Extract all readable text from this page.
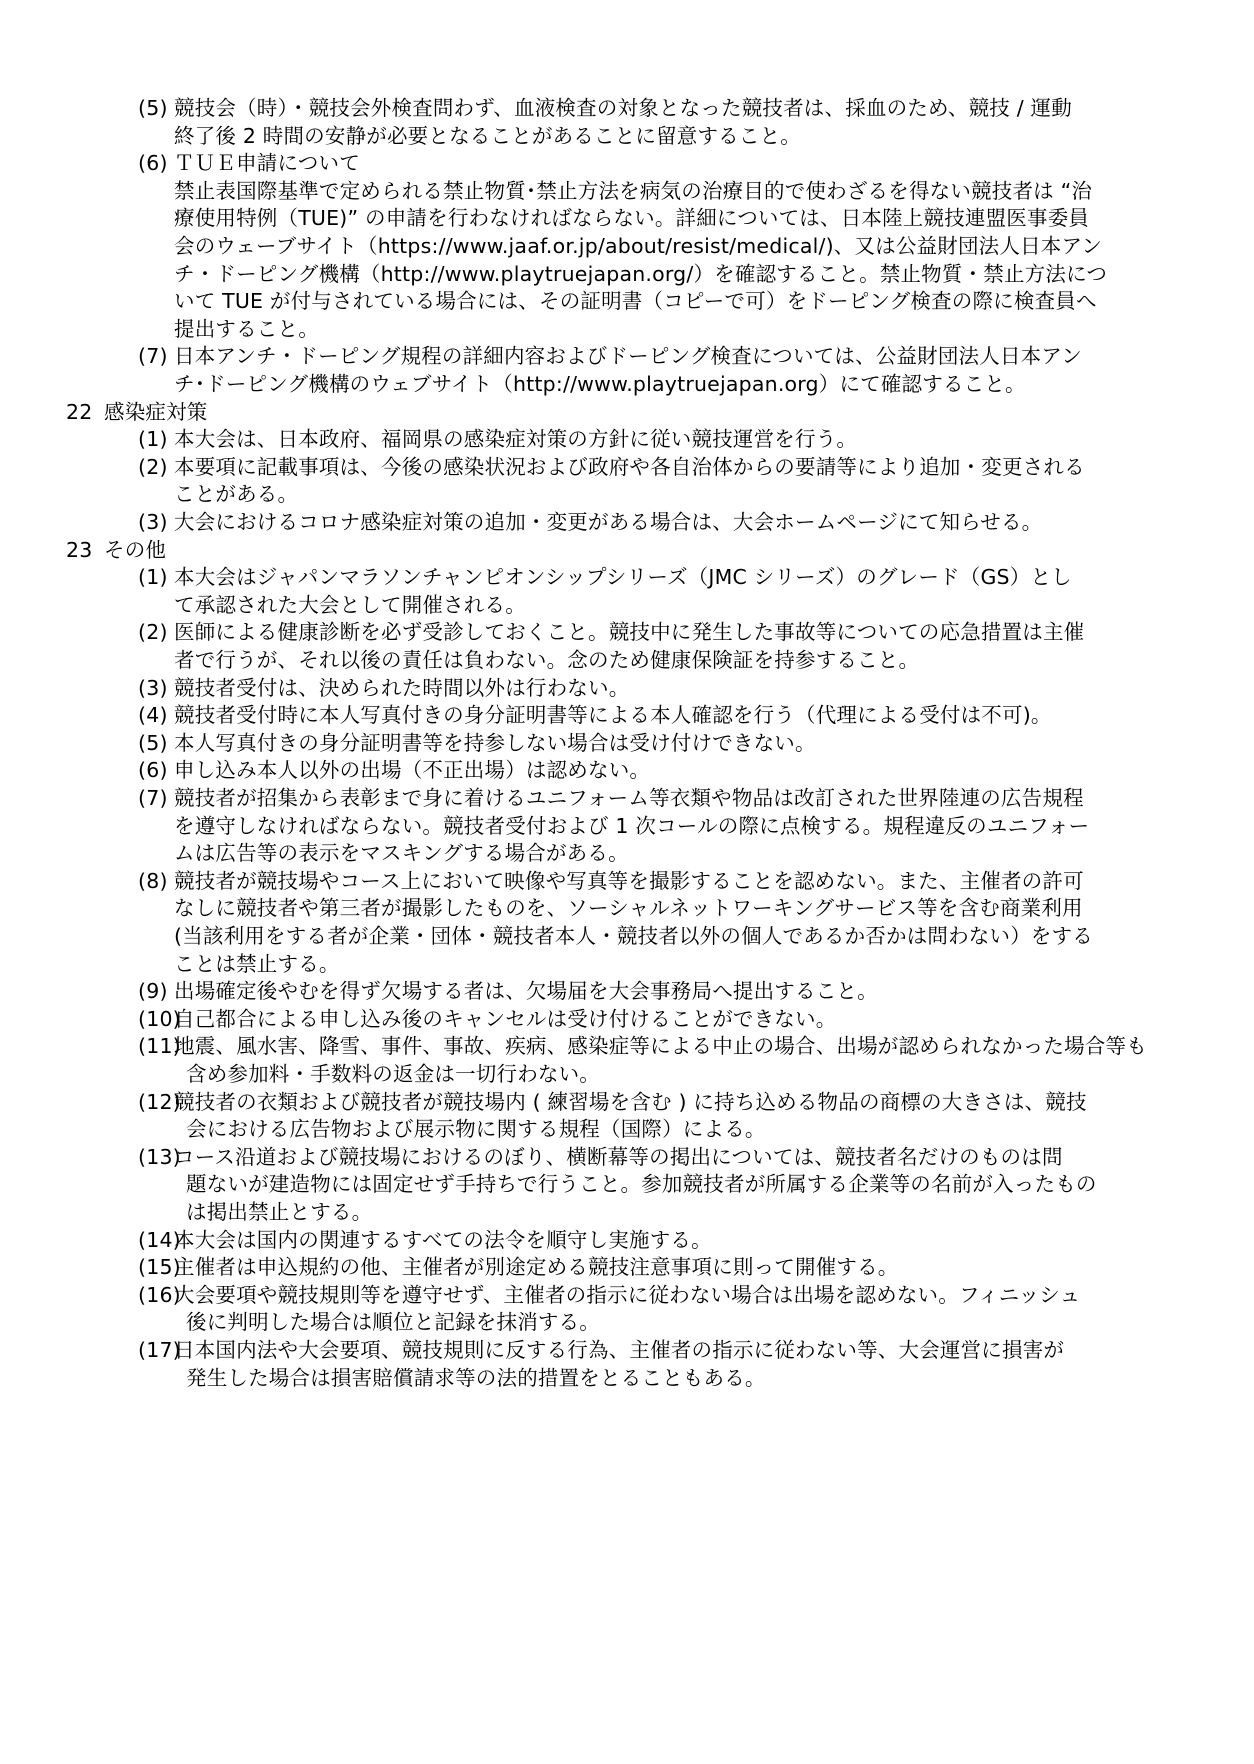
(5) 競技会（時）・競技会外検査問わず、血液検査の対象となった競技者は、採血のため、競技 / 運動
終了後 2 時間の安静が必要となることがあることに留意すること。
(6) ＴＵＥ申請について
禁止表国際基準で定められる禁止物質･禁止方法を病気の治療目的で使わざるを得ない競技者は “治
療使用特例（TUE)” の申請を行わなければならない。詳細については、日本陸上競技連盟医事委員
会のウェーブサイト（https://www.jaaf.or.jp/about/resist/medical/)、又は公益財団法人日本アン
チ・ドーピング機構（http://www.playtruejapan.org/）を確認すること。禁止物質・禁止方法につ
いて TUE が付与されている場合には、その証明書（コピーで可）をドーピング検査の際に検査員へ
提出すること。
(7) 日本アンチ・ドーピング規程の詳細内容およびドーピング検査については、公益財団法人日本アン
チ･ドーピング機構のウェブサイト（http://www.playtruejapan.org）にて確認すること。
22 感染症対策
(1) 本大会は、日本政府、福岡県の感染症対策の方針に従い競技運営を行う。
(2) 本要項に記載事項は、今後の感染状況および政府や各自治体からの要請等により追加・変更される
ことがある。
(3) 大会におけるコロナ感染症対策の追加・変更がある場合は、大会ホームページにて知らせる。
23 その他
(1) 本大会はジャパンマラソンチャンピオンシップシリーズ（JMC シリーズ）のグレード（GS）とし
て承認された大会として開催される。
(2) 医師による健康診断を必ず受診しておくこと。競技中に発生した事故等についての応急措置は主催
者で行うが、それ以後の責任は負わない。念のため健康保険証を持参すること。
(3) 競技者受付は、決められた時間以外は行わない。
(4) 競技者受付時に本人写真付きの身分証明書等による本人確認を行う（代理による受付は不可)。
(5) 本人写真付きの身分証明書等を持参しない場合は受け付けできない。
(6) 申し込み本人以外の出場（不正出場）は認めない。
(7) 競技者が招集から表彰まで身に着けるユニフォーム等衣類や物品は改訂された世界陸連の広告規程
を遵守しなければならない。競技者受付および 1 次コールの際に点検する。規程違反のユニフォー
ムは広告等の表示をマスキングする場合がある。
(8) 競技者が競技場やコース上において映像や写真等を撮影することを認めない。また、主催者の許可
なしに競技者や第三者が撮影したものを、ソーシャルネットワーキングサービス等を含む商業利用
(当該利用をする者が企業・団体・競技者本人・競技者以外の個人であるか否かは問わない）をする
ことは禁止する。
(9) 出場確定後やむを得ず欠場する者は、欠場届を大会事務局へ提出すること。
(10)
自己都合による申し込み後のキャンセルは受け付けることができない。
(11)
地震、風水害、降雪、事件、事故、疾病、感染症等による中止の場合、出場が認められなかった場合等も
含め参加料・手数料の返金は一切行わない。
(12)
競技者の衣類および競技者が競技場内 ( 練習場を含む ) に持ち込める物品の商標の大きさは、競技
会における広告物および展示物に関する規程（国際）による。
(13)
コース沿道および競技場におけるのぼり、横断幕等の掲出については、競技者名だけのものは問
題ないが建造物には固定せず手持ちで行うこと。参加競技者が所属する企業等の名前が入ったもの
は掲出禁止とする。
(14)
本大会は国内の関連するすべての法令を順守し実施する。
(15)
主催者は申込規約の他、主催者が別途定める競技注意事項に則って開催する。
(16)
大会要項や競技規則等を遵守せず、主催者の指示に従わない場合は出場を認めない。フィニッシュ
後に判明した場合は順位と記録を抹消する。
(17)
日本国内法や大会要項、競技規則に反する行為、主催者の指示に従わない等、大会運営に損害が
発生した場合は損害賠償請求等の法的措置をとることもある。
